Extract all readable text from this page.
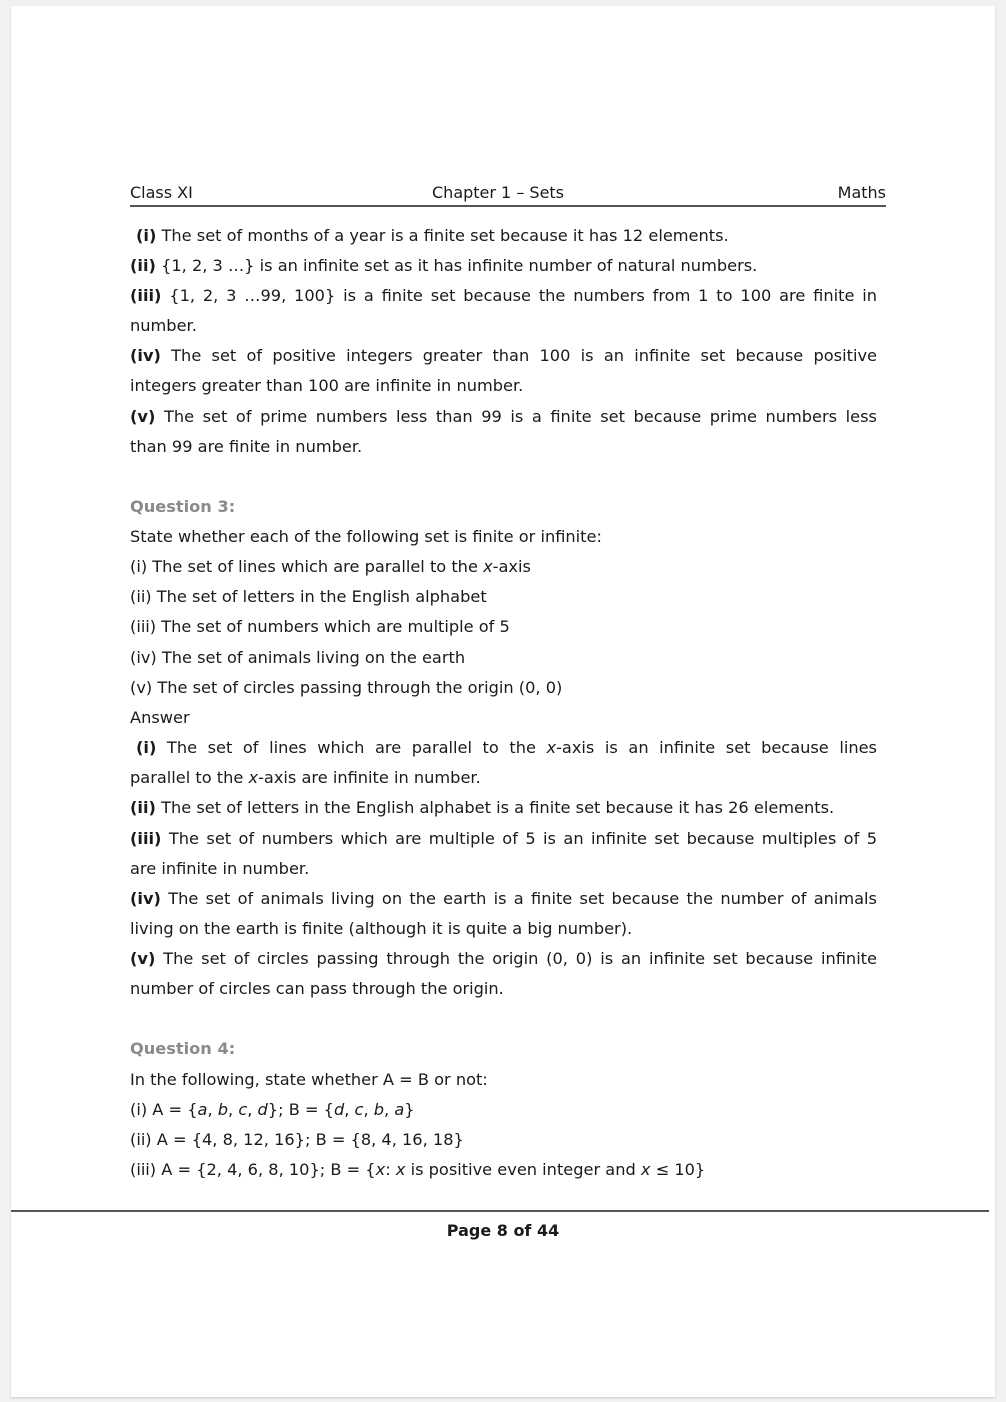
Class XI	Chapter 1 – Sets	Maths
(i) The set of months of a year is a finite set because it has 12 elements.
(ii) {1, 2, 3 …} is an infinite set as it has infinite number of natural numbers.
(iii) {1, 2, 3 …99, 100} is a finite set because the numbers from 1 to 100 are finite in
number.
(iv) The set of positive integers greater than 100 is an infinite set because positive
integers greater than 100 are infinite in number.
(v) The set of prime numbers less than 99 is a finite set because prime numbers less
than 99 are finite in number.
Question 3:
State whether each of the following set is finite or infinite:
(i) The set of lines which are parallel to the x-axis
(ii) The set of letters in the English alphabet
(iii) The set of numbers which are multiple of 5
(iv) The set of animals living on the earth
(v) The set of circles passing through the origin (0, 0)
Answer
(i) The set of lines which are parallel to the x-axis is an infinite set because lines
parallel to the x-axis are infinite in number.
(ii) The set of letters in the English alphabet is a finite set because it has 26 elements.
(iii) The set of numbers which are multiple of 5 is an infinite set because multiples of 5
are infinite in number.
(iv) The set of animals living on the earth is a finite set because the number of animals
living on the earth is finite (although it is quite a big number).
(v) The set of circles passing through the origin (0, 0) is an infinite set because infinite
number of circles can pass through the origin.
Question 4:
In the following, state whether A = B or not:
(i) A = {a, b, c, d}; B = {d, c, b, a}
(ii) A = {4, 8, 12, 16}; B = {8, 4, 16, 18}
(iii) A = {2, 4, 6, 8, 10}; B = {x: x is positive even integer and x ≤ 10}
Page 8 of 44
